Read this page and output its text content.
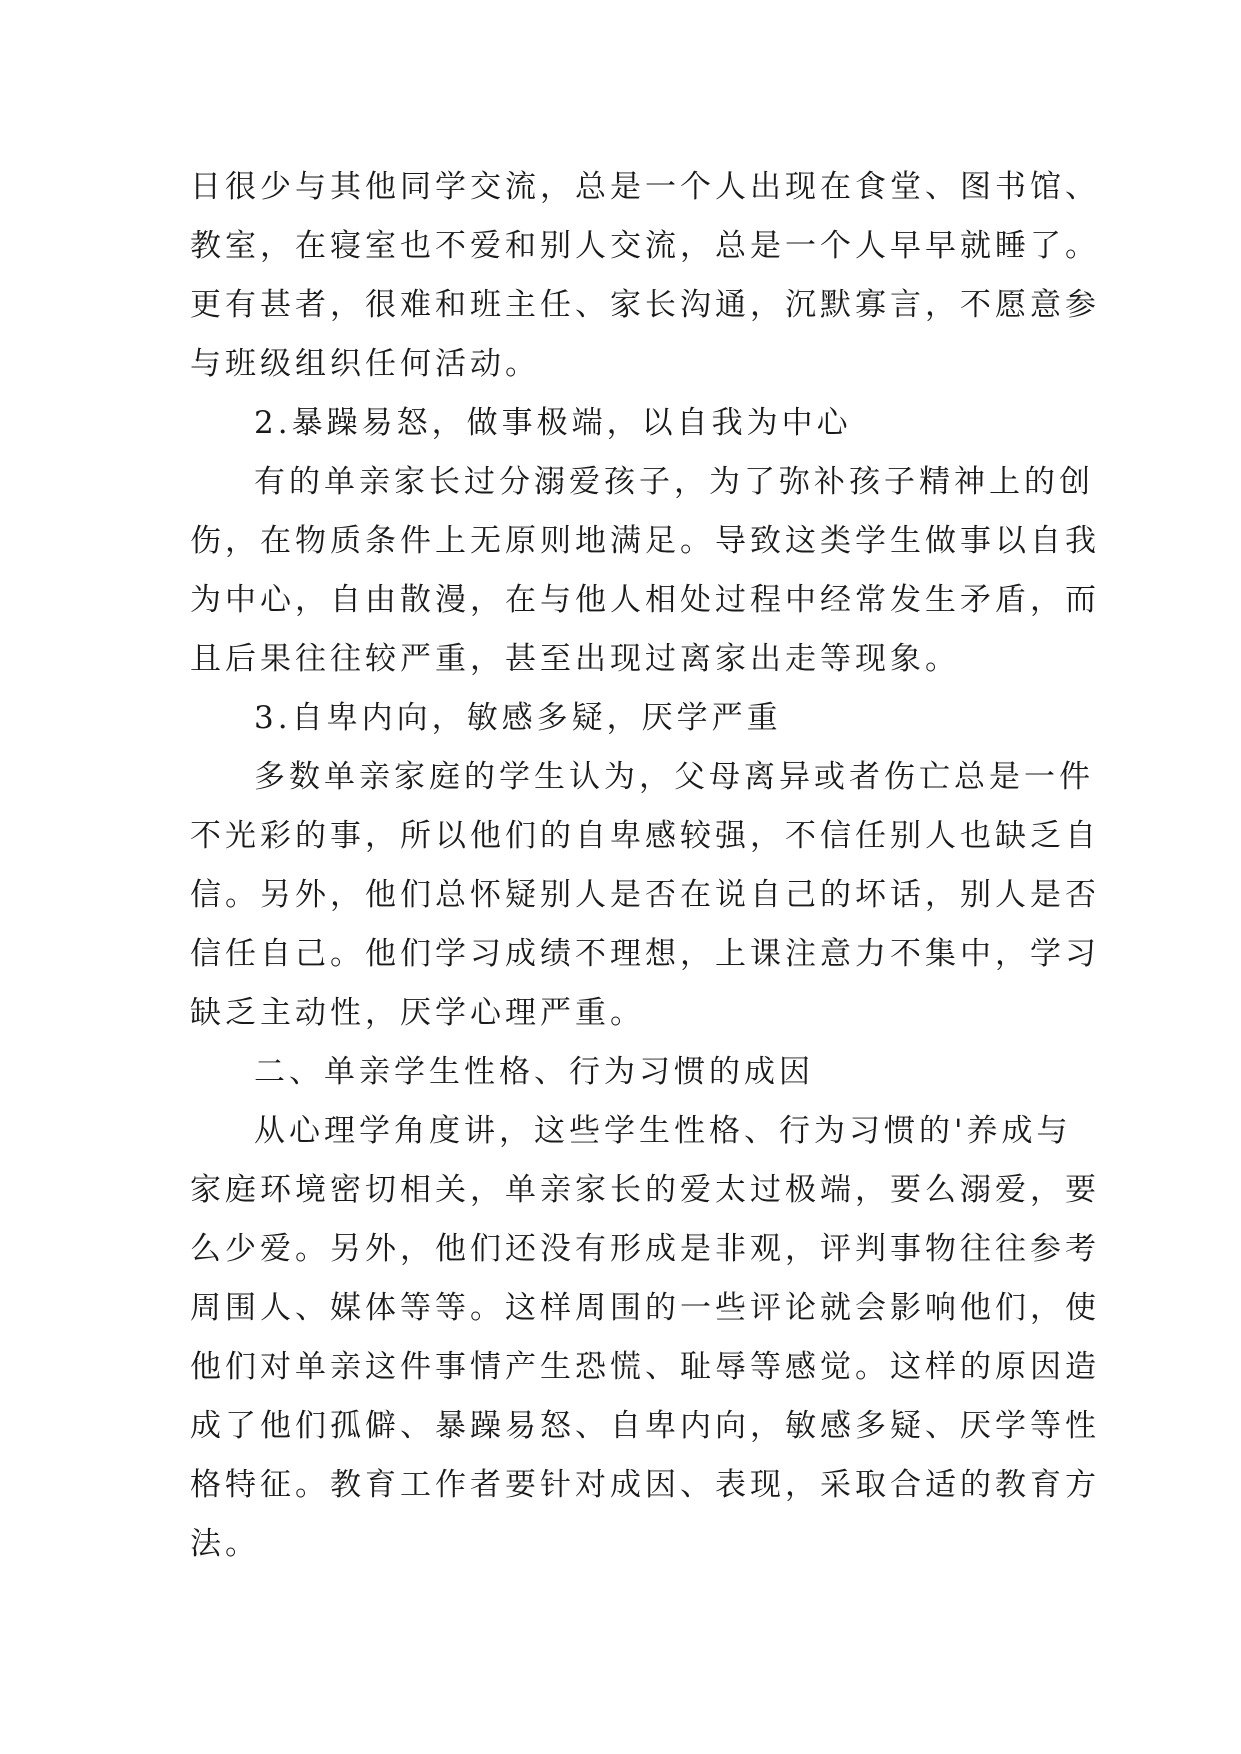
日很少与其他同学交流，总是一个人出现在食堂、图书馆、
教室，在寝室也不爱和别人交流，总是一个人早早就睡了。
更有甚者，很难和班主任、家长沟通，沉默寡言，不愿意参
与班级组织任何活动。
2.暴躁易怒，做事极端，以自我为中心
有的单亲家长过分溺爱孩子，为了弥补孩子精神上的创
伤，在物质条件上无原则地满足。导致这类学生做事以自我
为中心，自由散漫，在与他人相处过程中经常发生矛盾，而
且后果往往较严重，甚至出现过离家出走等现象。
3.自卑内向，敏感多疑，厌学严重
多数单亲家庭的学生认为，父母离异或者伤亡总是一件
不光彩的事，所以他们的自卑感较强，不信任别人也缺乏自
信。另外，他们总怀疑别人是否在说自己的坏话，别人是否
信任自己。他们学习成绩不理想，上课注意力不集中，学习
缺乏主动性，厌学心理严重。
二、单亲学生性格、行为习惯的成因
从心理学角度讲，这些学生性格、行为习惯的'养成与
家庭环境密切相关，单亲家长的爱太过极端，要么溺爱，要
么少爱。另外，他们还没有形成是非观，评判事物往往参考
周围人、媒体等等。这样周围的一些评论就会影响他们，使
他们对单亲这件事情产生恐慌、耻辱等感觉。这样的原因造
成了他们孤僻、暴躁易怒、自卑内向，敏感多疑、厌学等性
格特征。教育工作者要针对成因、表现，采取合适的教育方
法。
